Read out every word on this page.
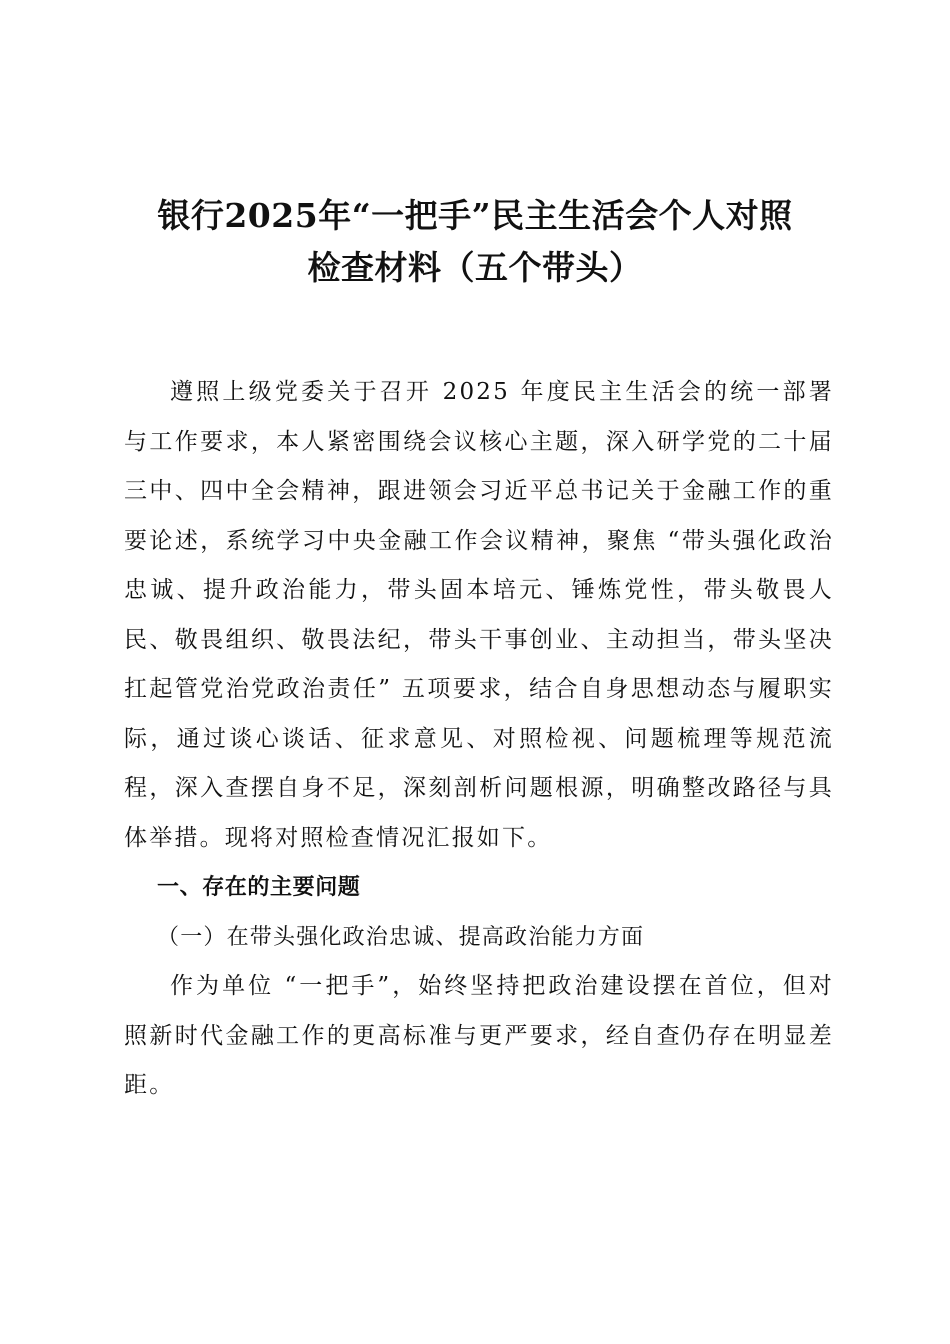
银行2025年“一把手”民主生活会个人对照
检查材料（五个带头）

遵照上级党委关于召开 2025 年度民主生活会的统一部署与工作要求，本人紧密围绕会议核心主题，深入研学党的二十届三中、四中全会精神，跟进领会习近平总书记关于金融工作的重要论述，系统学习中央金融工作会议精神，聚焦 “带头强化政治忠诚、提升政治能力，带头固本培元、锤炼党性，带头敬畏人民、敬畏组织、敬畏法纪，带头干事创业、主动担当，带头坚决扛起管党治党政治责任” 五项要求，结合自身思想动态与履职实际，通过谈心谈话、征求意见、对照检视、问题梳理等规范流程，深入查摆自身不足，深刻剖析问题根源，明确整改路径与具体举措。现将对照检查情况汇报如下。

一、存在的主要问题

（一）在带头强化政治忠诚、提高政治能力方面

作为单位 “一把手”，始终坚持把政治建设摆在首位，但对照新时代金融工作的更高标准与更严要求，经自查仍存在明显差距。
